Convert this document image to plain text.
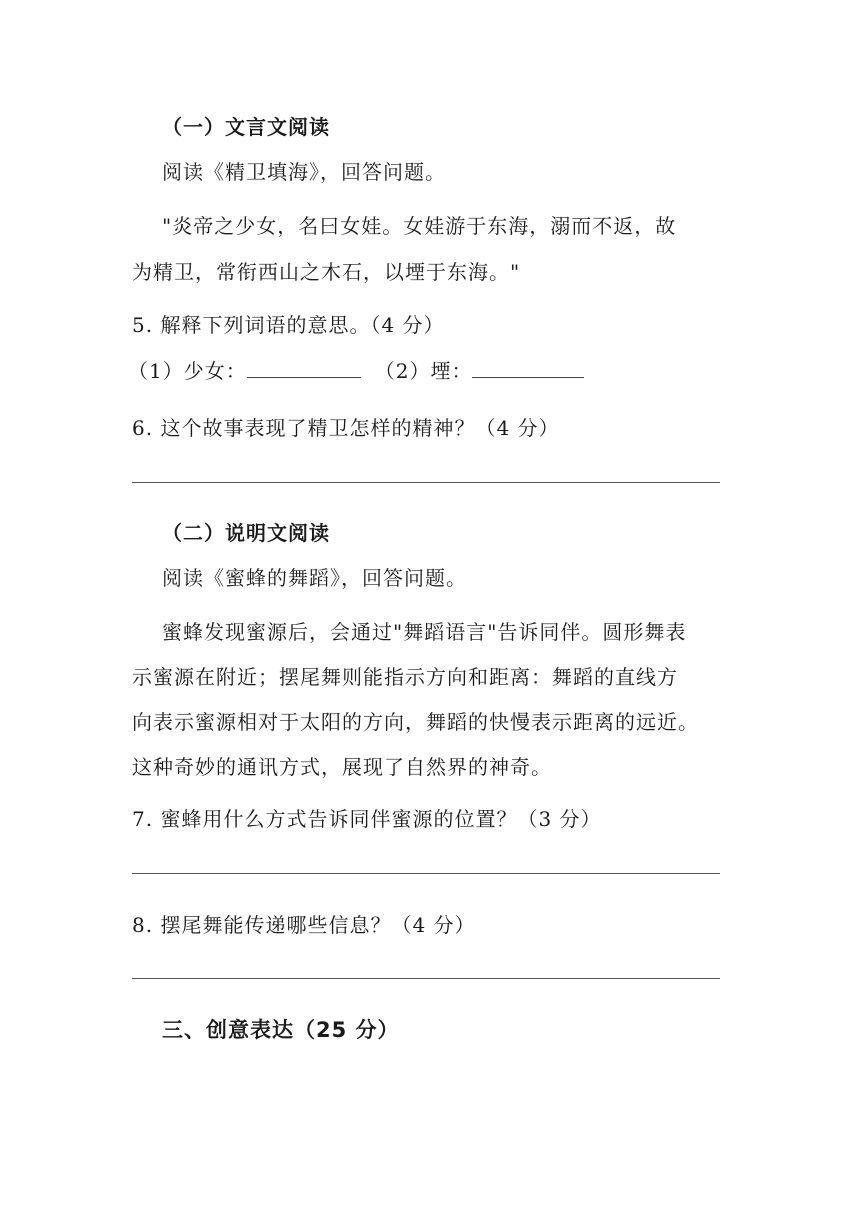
（一）文言文阅读
阅读《精卫填海》，回答问题。
"炎帝之少女，名曰女娃。女娃游于东海，溺而不返，故
为精卫，常衔西山之木石，以堙于东海。"
5. 解释下列词语的意思。（4 分）
（1）少女：	（2）堙：
6. 这个故事表现了精卫怎样的精神？（4 分）
（二）说明文阅读
阅读《蜜蜂的舞蹈》，回答问题。
蜜蜂发现蜜源后，会通过"舞蹈语言"告诉同伴。圆形舞表
示蜜源在附近；摆尾舞则能指示方向和距离：舞蹈的直线方
向表示蜜源相对于太阳的方向，舞蹈的快慢表示距离的远近。
这种奇妙的通讯方式，展现了自然界的神奇。
7. 蜜蜂用什么方式告诉同伴蜜源的位置？（3 分）
8. 摆尾舞能传递哪些信息？（4 分）
三、创意表达（25 分）
